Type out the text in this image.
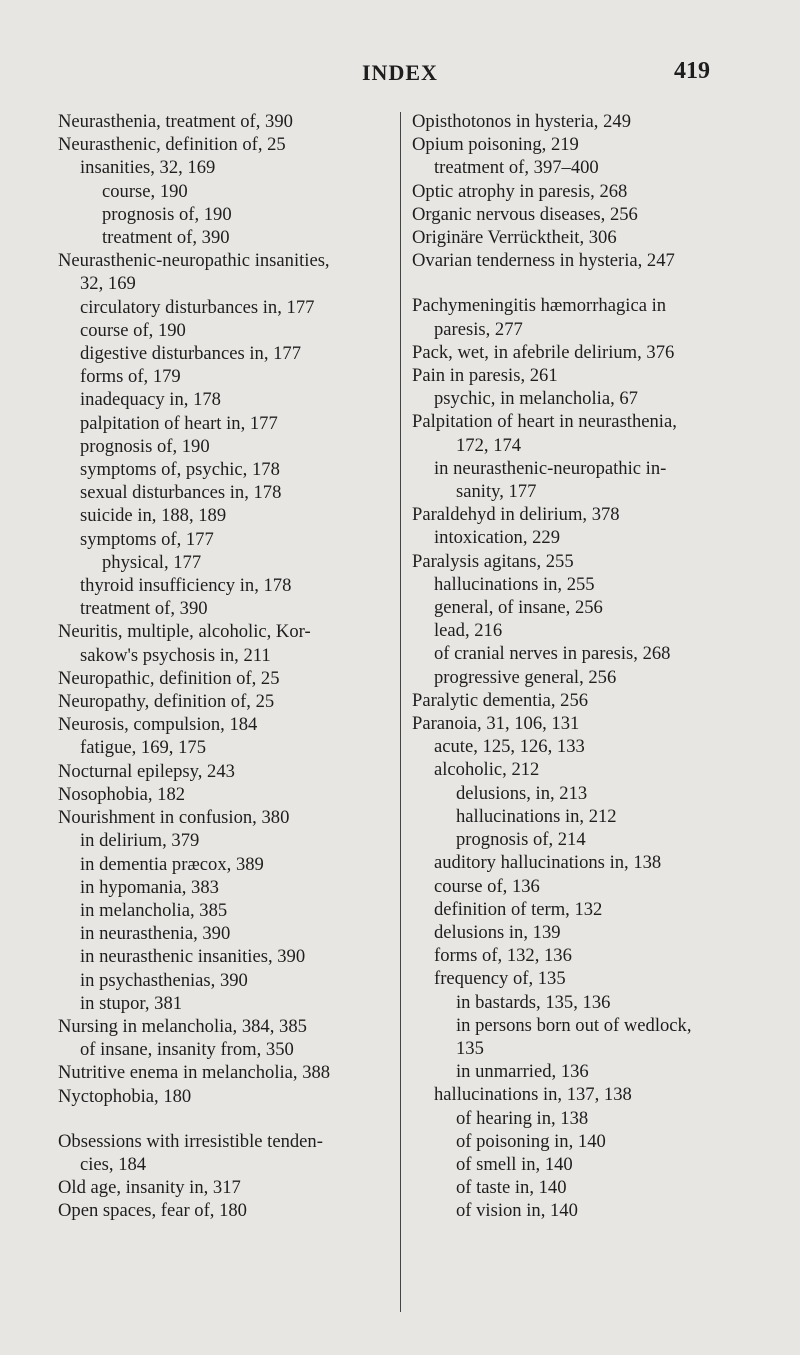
INDEX	419
Neurasthenia, treatment of, 390
Neurasthenic, definition of, 25
insanities, 32, 169
course, 190
prognosis of, 190
treatment of, 390
Neurasthenic-neuropathic insanities,
32, 169
circulatory disturbances in, 177
course of, 190
digestive disturbances in, 177
forms of, 179
inadequacy in, 178
palpitation of heart in, 177
prognosis of, 190
symptoms of, psychic, 178
sexual disturbances in, 178
suicide in, 188, 189
symptoms of, 177
physical, 177
thyroid insufficiency in, 178
treatment of, 390
Neuritis, multiple, alcoholic, Kor-
sakow's psychosis in, 211
Neuropathic, definition of, 25
Neuropathy, definition of, 25
Neurosis, compulsion, 184
fatigue, 169, 175
Nocturnal epilepsy, 243
Nosophobia, 182
Nourishment in confusion, 380
in delirium, 379
in dementia præcox, 389
in hypomania, 383
in melancholia, 385
in neurasthenia, 390
in neurasthenic insanities, 390
in psychasthenias, 390
in stupor, 381
Nursing in melancholia, 384, 385
of insane, insanity from, 350
Nutritive enema in melancholia, 388
Nyctophobia, 180
Obsessions with irresistible tenden-
cies, 184
Old age, insanity in, 317
Open spaces, fear of, 180
Opisthotonos in hysteria, 249
Opium poisoning, 219
treatment of, 397–400
Optic atrophy in paresis, 268
Organic nervous diseases, 256
Originäre Verrücktheit, 306
Ovarian tenderness in hysteria, 247
Pachymeningitis hæmorrhagica in
paresis, 277
Pack, wet, in afebrile delirium, 376
Pain in paresis, 261
psychic, in melancholia, 67
Palpitation of heart in neurasthenia,
172, 174
in neurasthenic-neuropathic in-
sanity, 177
Paraldehyd in delirium, 378
intoxication, 229
Paralysis agitans, 255
hallucinations in, 255
general, of insane, 256
lead, 216
of cranial nerves in paresis, 268
progressive general, 256
Paralytic dementia, 256
Paranoia, 31, 106, 131
acute, 125, 126, 133
alcoholic, 212
delusions, in, 213
hallucinations in, 212
prognosis of, 214
auditory hallucinations in, 138
course of, 136
definition of term, 132
delusions in, 139
forms of, 132, 136
frequency of, 135
in bastards, 135, 136
in persons born out of wedlock,
135
in unmarried, 136
hallucinations in, 137, 138
of hearing in, 138
of poisoning in, 140
of smell in, 140
of taste in, 140
of vision in, 140
